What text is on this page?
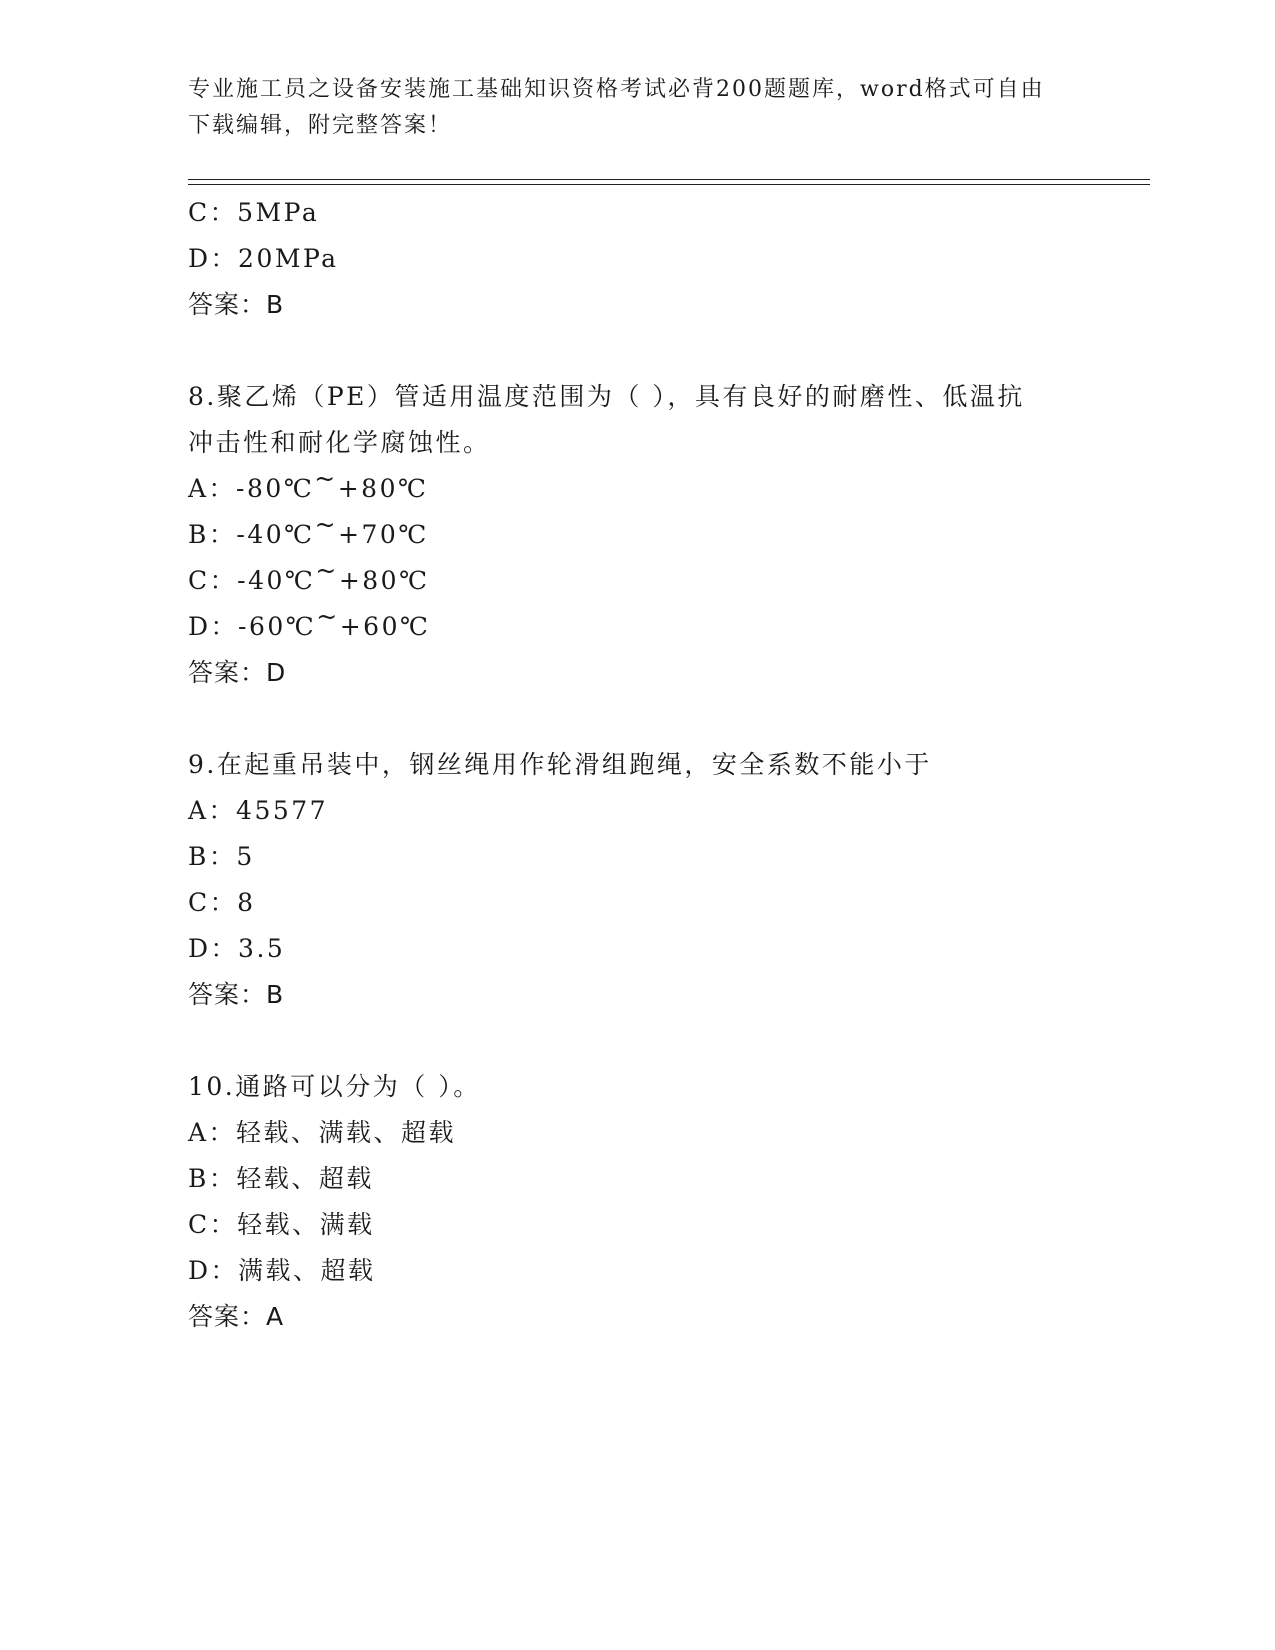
专业施工员之设备安装施工基础知识资格考试必背200题题库，word格式可自由
下载编辑，附完整答案！
C：5MPa
D：20MPa
答案：B
8.聚乙烯（PE）管适用温度范围为（ ），具有良好的耐磨性、低温抗
冲击性和耐化学腐蚀性。
A：-80℃~+80℃
B：-40℃~+70℃
C：-40℃~+80℃
D：-60℃~+60℃
答案：D
9.在起重吊装中，钢丝绳用作轮滑组跑绳，安全系数不能小于
A：45577
B：5
C：8
D：3.5
答案：B
10.通路可以分为（ ）。
A：轻载、满载、超载
B：轻载、超载
C：轻载、满载
D：满载、超载
答案：A
